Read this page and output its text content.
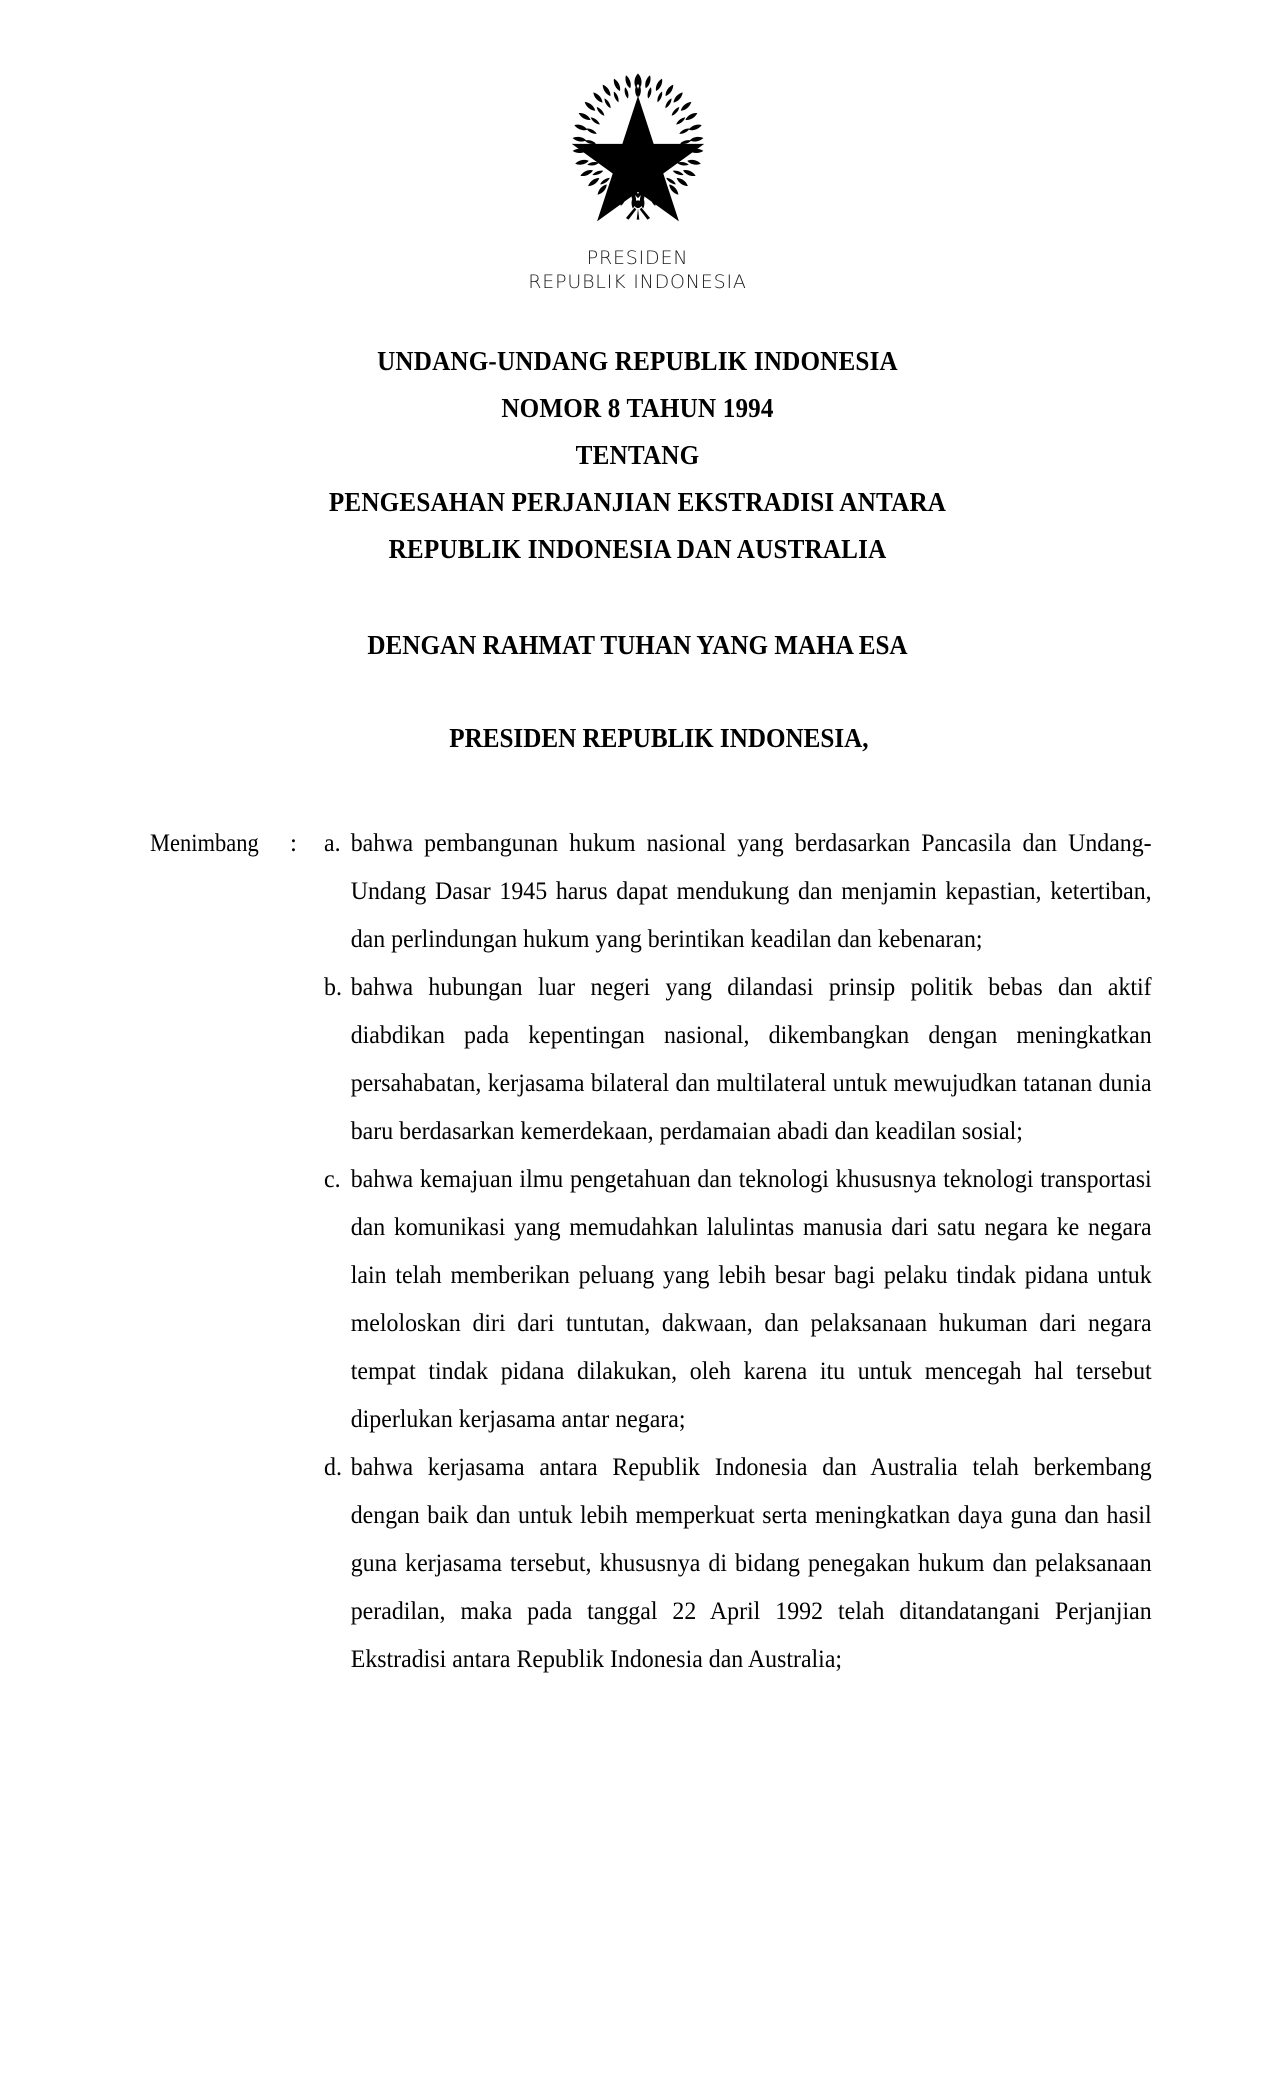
PRESIDEN
REPUBLIK INDONESIA
UNDANG-UNDANG REPUBLIK INDONESIA
NOMOR 8 TAHUN 1994
TENTANG
PENGESAHAN PERJANJIAN EKSTRADISI ANTARA
REPUBLIK INDONESIA DAN AUSTRALIA
DENGAN RAHMAT TUHAN YANG MAHA ESA
PRESIDEN REPUBLIK INDONESIA,
Menimbang	:	a. bahwa pembangunan hukum nasional yang berdasarkan Pancasila dan Undang-Undang Dasar 1945 harus dapat mendukung dan menjamin kepastian, ketertiban, dan perlindungan hukum yang berintikan keadilan dan kebenaran;
b. bahwa hubungan luar negeri yang dilandasi prinsip politik bebas dan aktif diabdikan pada kepentingan nasional, dikembangkan dengan meningkatkan persahabatan, kerjasama bilateral dan multilateral untuk mewujudkan tatanan dunia baru berdasarkan kemerdekaan, perdamaian abadi dan keadilan sosial;
c. bahwa kemajuan ilmu pengetahuan dan teknologi khususnya teknologi transportasi dan komunikasi yang memudahkan lalulintas manusia dari satu negara ke negara lain telah memberikan peluang yang lebih besar bagi pelaku tindak pidana untuk meloloskan diri dari tuntutan, dakwaan, dan pelaksanaan hukuman dari negara tempat tindak pidana dilakukan, oleh karena itu untuk mencegah hal tersebut diperlukan kerjasama antar negara;
d. bahwa kerjasama antara Republik Indonesia dan Australia telah berkembang dengan baik dan untuk lebih memperkuat serta meningkatkan daya guna dan hasil guna kerjasama tersebut, khususnya di bidang penegakan hukum dan pelaksanaan peradilan, maka pada tanggal 22 April 1992 telah ditandatangani Perjanjian Ekstradisi antara Republik Indonesia dan Australia;
